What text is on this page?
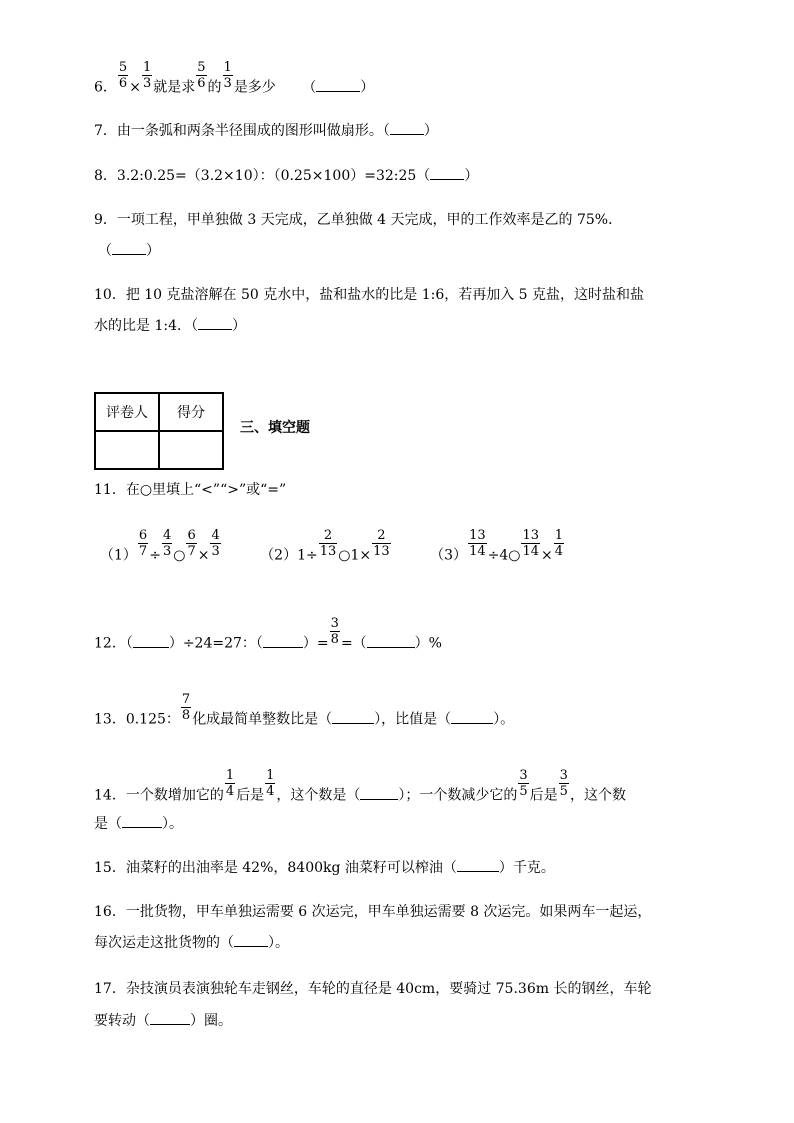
6． $\frac{5}{6} \times \frac{1}{3}$ 就是求 $\frac{5}{6}$ 的 $\frac{1}{3}$ 是多少 （	）
7．由一条弧和两条半径围成的图形叫做扇形。（ ）
8．3.2:0.25=（3.2×10）：（0.25×100）=32:25（ ）
9．一项工程，甲单独做 3 天完成，乙单独做 4 天完成，甲的工作效率是乙的 75%．
（ ）
10．把 10 克盐溶解在 50 克水中，盐和盐水的比是 1:6，若再加入 5 克盐，这时盐和盐
水的比是 1:4．（ ）
评卷人	得分

三、填空题
11．在○里填上“<”“>”或“=”
$(1) \frac{6}{7} \div \frac{4}{3}$ ○ $\frac{6}{7} \times \frac{4}{3}$	$(2)1\div \frac{2}{13}$ ○1× $\frac{2}{13}$	$(3) \frac{13}{14}$ ÷4○ $\frac{13}{14} \times \frac{1}{4}$
12．（	）÷24=27：（	）= $\frac{3}{8}$ =（	）%
13．0.125： $\frac{7}{8}$ 化成最简单整数比是（	），比值是（	）。
14．一个数增加它的 $\frac{1}{4}$ 后是 $\frac{1}{4}$ ，这个数是（	）；一个数减少它的 $\frac{3}{5}$ 后是 $\frac{3}{5}$ ，这个数
是（	）。
15．油菜籽的出油率是 42%，8400kg 油菜籽可以榨油（	）千克。
16．一批货物，甲车单独运需要 6 次运完，甲车单独运需要 8 次运完。如果两车一起运，
每次运走这批货物的（ ）。
17．杂技演员表演独轮车走钢丝，车轮的直径是 40cm，要骑过 75.36m 长的钢丝，车轮
要转动（	）圈。
